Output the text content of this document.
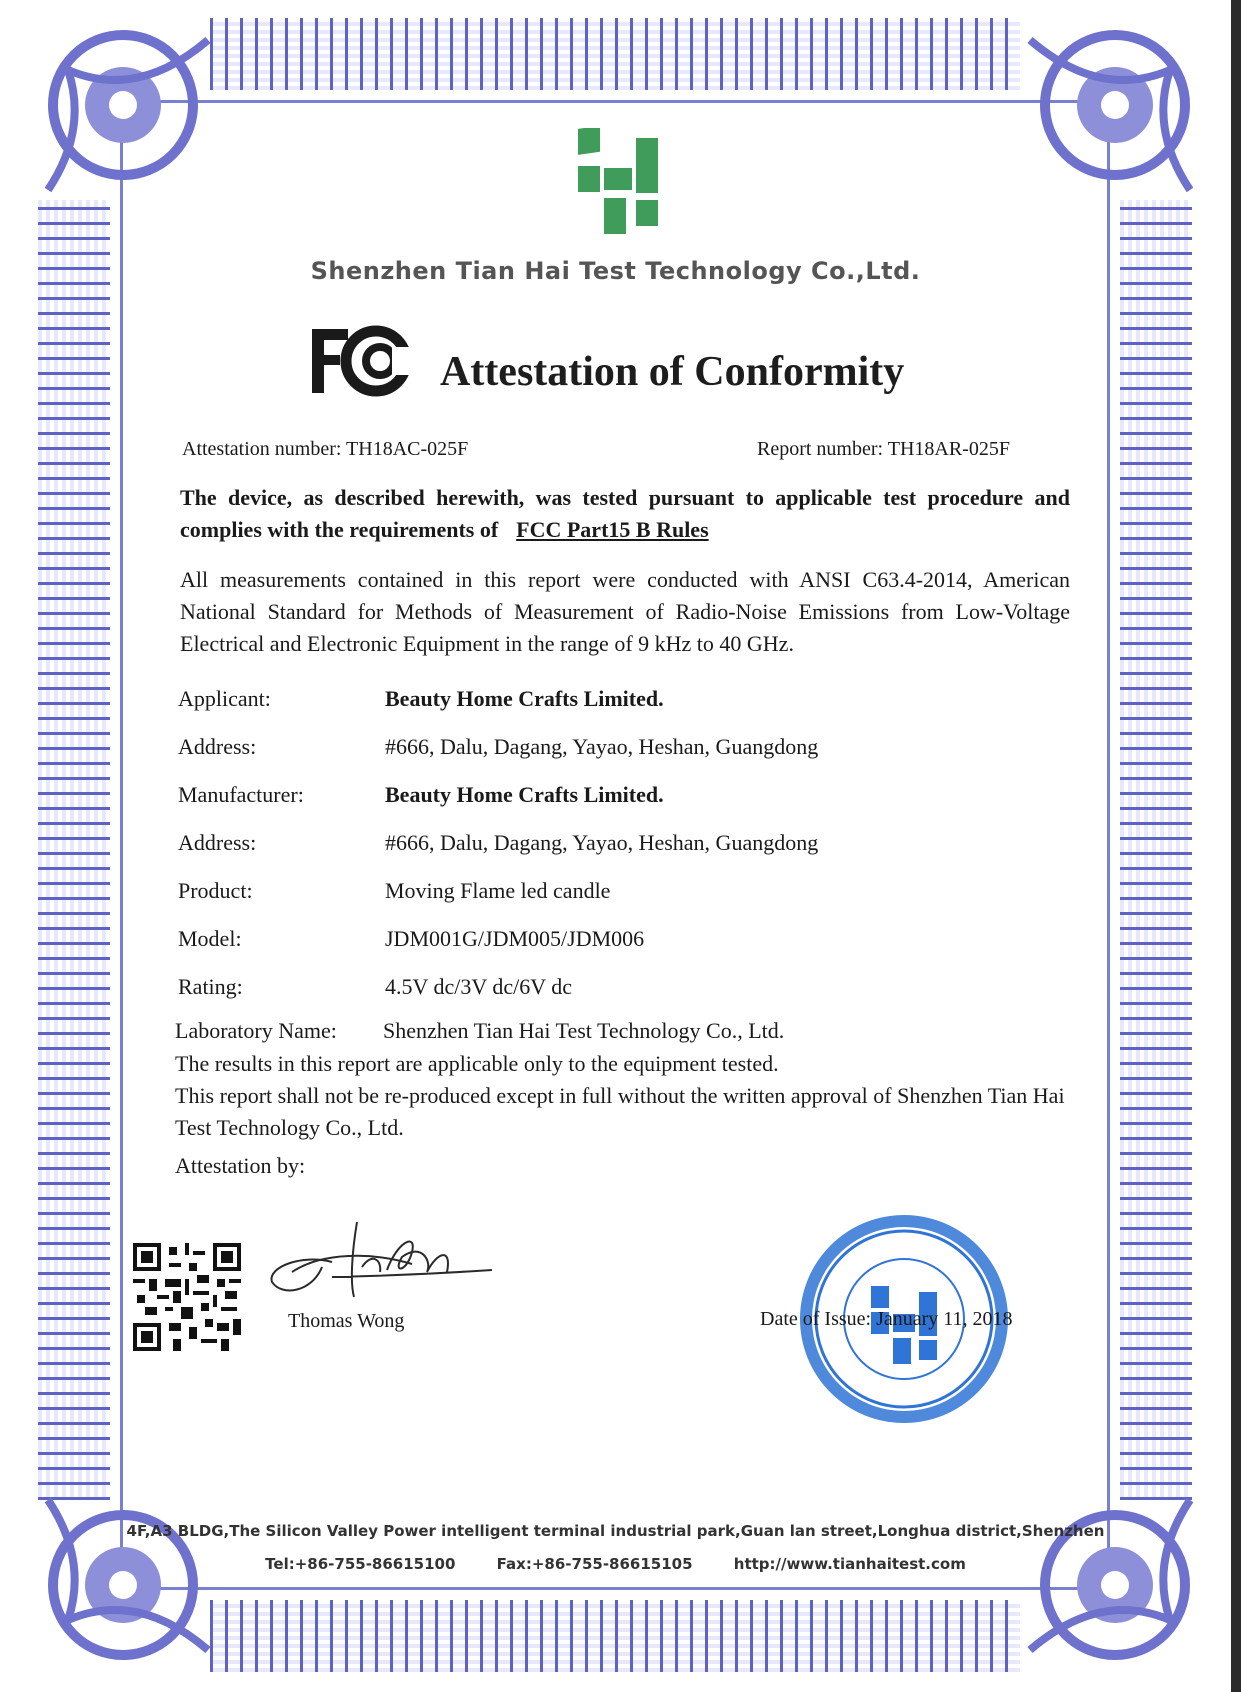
Shenzhen Tian Hai Test Technology Co.,Ltd.
Attestation of Conformity
Attestation number: TH18AC-025F	Report number: TH18AR-025F
The device, as described herewith, was tested pursuant to applicable test procedure and complies with the requirements of FCC Part15 B Rules
All measurements contained in this report were conducted with ANSI C63.4-2014, American National Standard for Methods of Measurement of Radio-Noise Emissions from Low-Voltage Electrical and Electronic Equipment in the range of 9 kHz to 40 GHz.
Applicant:	Beauty Home Crafts Limited.
Address:	#666, Dalu, Dagang, Yayao, Heshan, Guangdong
Manufacturer:	Beauty Home Crafts Limited.
Address:	#666, Dalu, Dagang, Yayao, Heshan, Guangdong
Product:	Moving Flame led candle
Model:	JDM001G/JDM005/JDM006
Rating:	4.5V dc/3V dc/6V dc
Laboratory Name: Shenzhen Tian Hai Test Technology Co., Ltd.
The results in this report are applicable only to the equipment tested.
This report shall not be re-produced except in full without the written approval of Shenzhen Tian Hai Test Technology Co., Ltd.
Attestation by:
Thomas Wong	Date of Issue: January 11, 2018
4F,A3 BLDG,The Silicon Valley Power intelligent terminal industrial park,Guan lan street,Longhua district,Shenzhen
Tel:+86-755-86615100	Fax:+86-755-86615105	http://www.tianhaitest.com
